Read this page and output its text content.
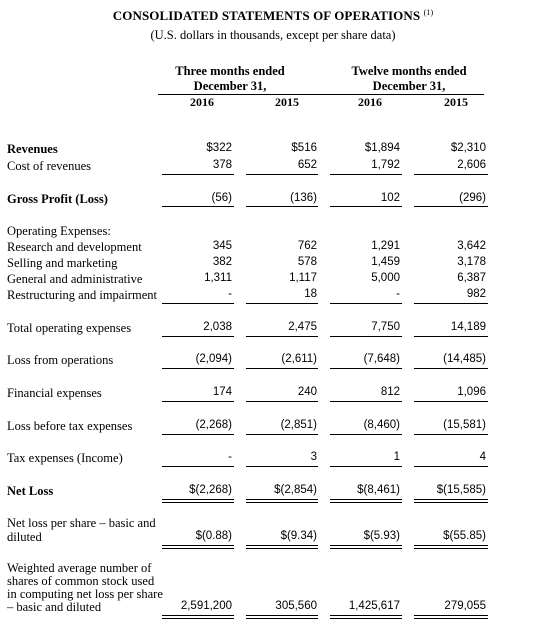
CONSOLIDATED STATEMENTS OF OPERATIONS $^{(1)}$
(U.S. dollars in thousands, except per share data)
Three months ended
December 31,
Twelve months ended
December 31,
2016	2015	2016	2015
Revenues	$322	$516	$1,894	$2,310
Cost of revenues	378	652	1,792	2,606
Gross Profit (Loss)	(56)	(136)	102	(296)
Operating Expenses:
Research and development	345	762	1,291	3,642
Selling and marketing	382	578	1,459	3,178
General and administrative	1,311	1,117	5,000	6,387
Restructuring and impairment	-	18	-	982
Total operating expenses	2,038	2,475	7,750	14,189
Loss from operations	(2,094)	(2,611)	(7,648)	(14,485)
Financial expenses	174	240	812	1,096
Loss before tax expenses	(2,268)	(2,851)	(8,460)	(15,581)
Tax expenses (Income)	-	3	1	4
Net Loss	$(2,268)	$(2,854)	$(8,461)	$(15,585)
Net loss per share – basic and
diluted	$(0.88)	$(9.34)	$(5.93)	$(55.85)
Weighted average number of
shares of common stock used
in computing net loss per share
– basic and diluted	2,591,200	305,560	1,425,617	279,055
